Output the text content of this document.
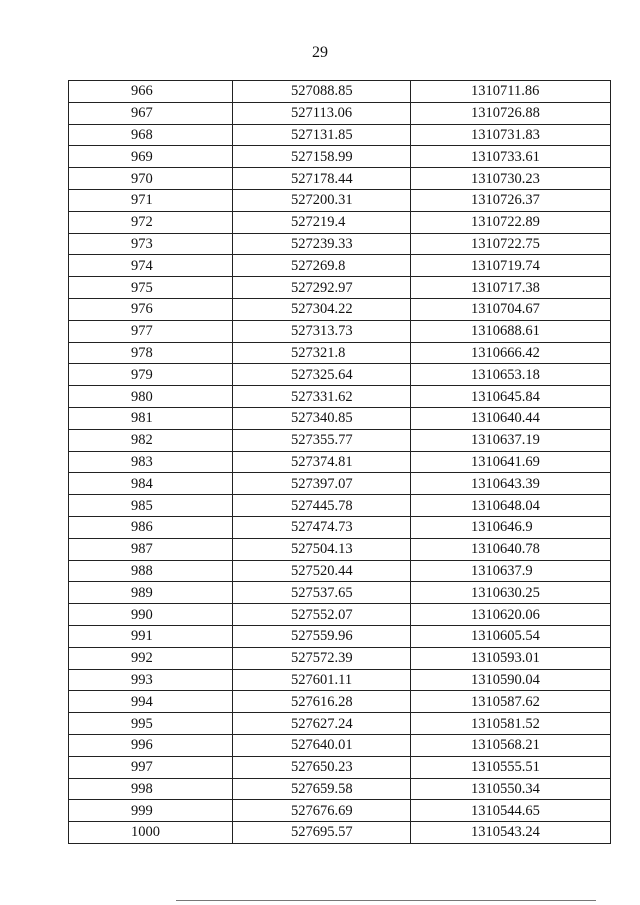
29
966	527088.85	1310711.86
967	527113.06	1310726.88
968	527131.85	1310731.83
969	527158.99	1310733.61
970	527178.44	1310730.23
971	527200.31	1310726.37
972	527219.4	1310722.89
973	527239.33	1310722.75
974	527269.8	1310719.74
975	527292.97	1310717.38
976	527304.22	1310704.67
977	527313.73	1310688.61
978	527321.8	1310666.42
979	527325.64	1310653.18
980	527331.62	1310645.84
981	527340.85	1310640.44
982	527355.77	1310637.19
983	527374.81	1310641.69
984	527397.07	1310643.39
985	527445.78	1310648.04
986	527474.73	1310646.9
987	527504.13	1310640.78
988	527520.44	1310637.9
989	527537.65	1310630.25
990	527552.07	1310620.06
991	527559.96	1310605.54
992	527572.39	1310593.01
993	527601.11	1310590.04
994	527616.28	1310587.62
995	527627.24	1310581.52
996	527640.01	1310568.21
997	527650.23	1310555.51
998	527659.58	1310550.34
999	527676.69	1310544.65
1000	527695.57	1310543.24
